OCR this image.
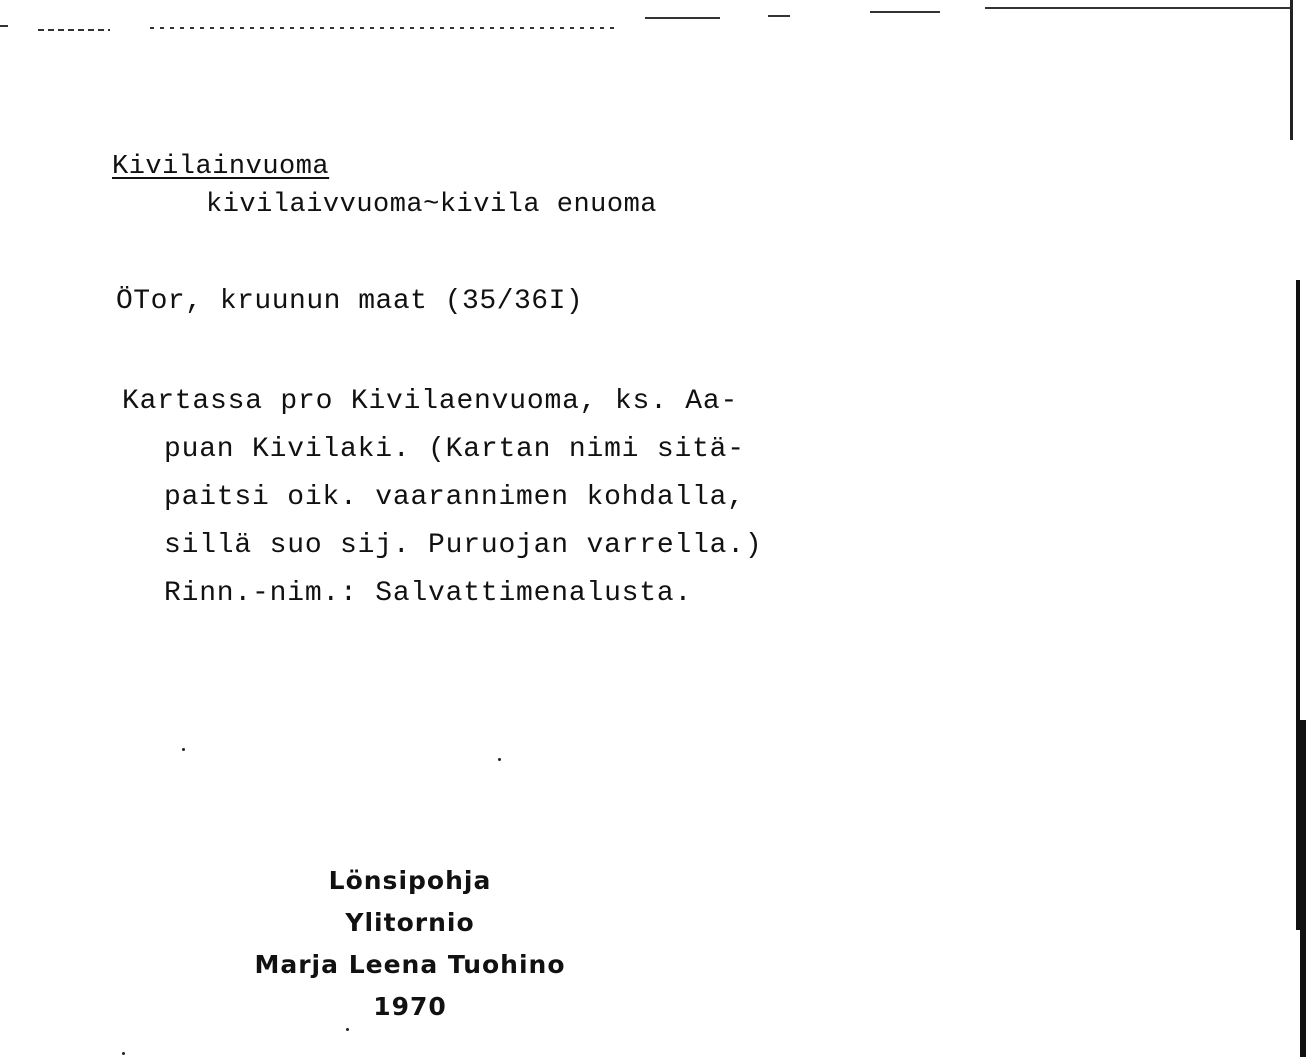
Kivilainvuoma
kivilaivvuoma~kivila enuoma
ÖTor, kruunun maat (35/36I)
Kartassa pro Kivilaenvuoma, ks. Aa-
puan Kivilaki. (Kartan nimi sitä-
paitsi oik. vaarannimen kohdalla,
sillä suo sij. Puruojan varrella.)
Rinn.-nim.: Salvattimenalusta.
Lönsipohja
Ylitornio
Marja Leena Tuohino
1970
